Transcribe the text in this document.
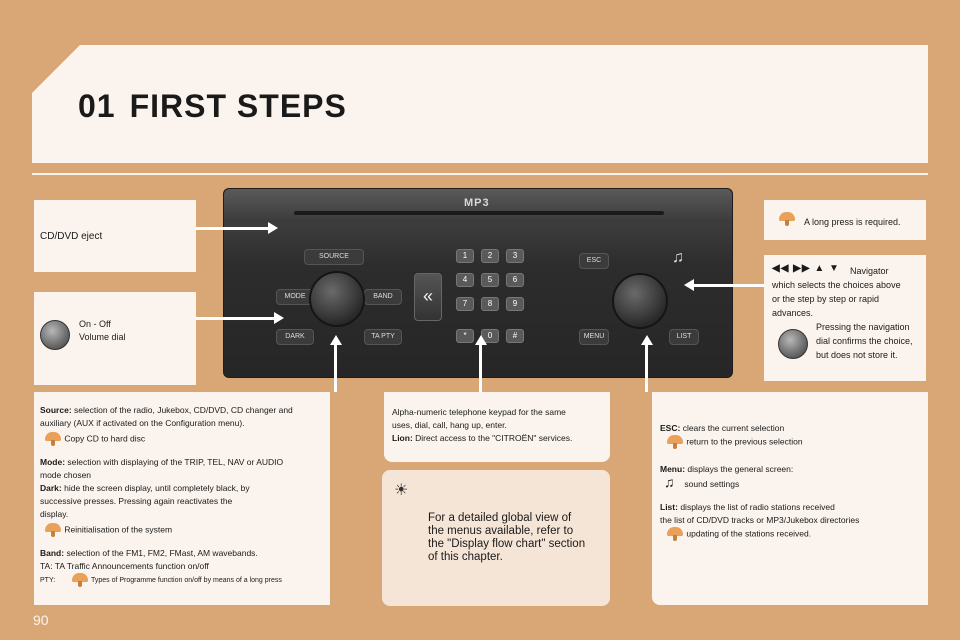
01 FIRST STEPS
CD/DVD eject
On - Off
Volume dial
A long press is required.
◀◀ ▶▶ ▲ ▼ Navigator
which selects the choices above
or the step by step or rapid
advances.
Pressing the navigation
dial confirms the choice,
but does not store it.
MP3
SOURCE
MODE	BAND
DARK	TA PTY
«
1	2	3
4	5	6
7	8	9
*	0	#
ESC
MENU	LIST
♫
Source: selection of the radio, Jukebox, CD/DVD, CD changer and
auxiliary (AUX if activated on the Configuration menu).
Copy CD to hard disc
Mode: selection with displaying of the TRIP, TEL, NAV or AUDIO
mode chosen
Dark: hide the screen display, until completely black, by
successive presses. Pressing again reactivates the
display.
Reinitialisation of the system
Band: selection of the FM1, FM2, FMast, AM wavebands.
TA: TA Traffic Announcements function on/off
PTY:	Types of Programme function on/off by means of a long press
Alpha-numeric telephone keypad for the same
uses, dial, call, hang up, enter.
Lion: Direct access to the "CITROËN" services.
☀
For a detailed global view of
the menus available, refer to
the "Display flow chart" section
of this chapter.
ESC: clears the current selection
return to the previous selection
Menu: displays the general screen:
♫ sound settings
List: displays the list of radio stations received
the list of CD/DVD tracks or MP3/Jukebox directories
updating of the stations received.
90
